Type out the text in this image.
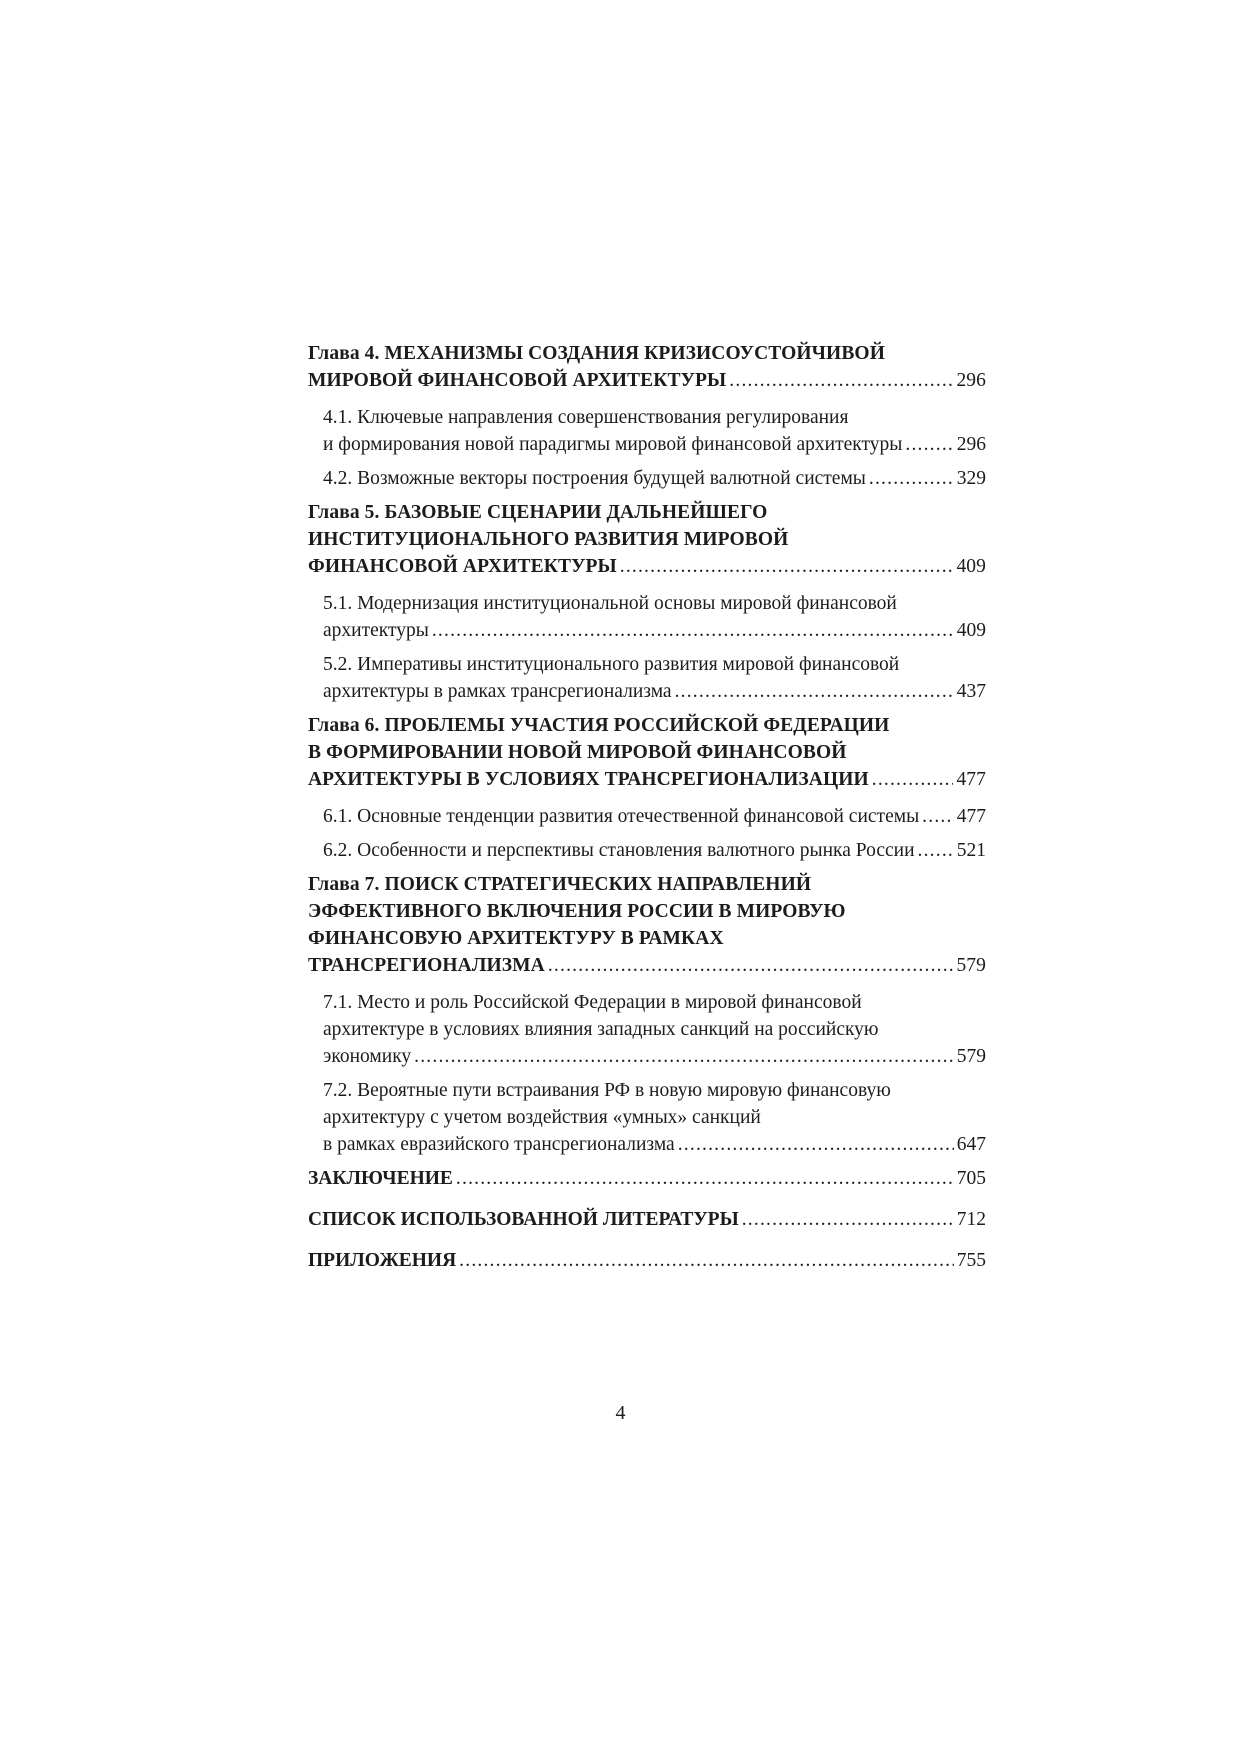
Глава 4. МЕХАНИЗМЫ СОЗДАНИЯ КРИЗИСОУСТОЙЧИВОЙ
МИРОВОЙ ФИНАНСОВОЙ АРХИТЕКТУРЫ .....	296
4.1. Ключевые направления совершенствования регулирования
и формирования новой парадигмы мировой финансовой архитектуры .....	296
4.2. Возможные векторы построения будущей валютной системы .....	329
Глава 5. БАЗОВЫЕ СЦЕНАРИИ ДАЛЬНЕЙШЕГО
ИНСТИТУЦИОНАЛЬНОГО РАЗВИТИЯ МИРОВОЙ
ФИНАНСОВОЙ АРХИТЕКТУРЫ .....	409
5.1. Модернизация институциональной основы мировой финансовой
архитектуры .....	409
5.2. Императивы институционального развития мировой финансовой
архитектуры в рамках трансрегионализма .....	437
Глава 6. ПРОБЛЕМЫ УЧАСТИЯ РОССИЙСКОЙ ФЕДЕРАЦИИ
В ФОРМИРОВАНИИ НОВОЙ МИРОВОЙ ФИНАНСОВОЙ
АРХИТЕКТУРЫ В УСЛОВИЯХ ТРАНСРЕГИОНАЛИЗАЦИИ .....	477
6.1. Основные тенденции развития отечественной финансовой системы ..... 477
6.2. Особенности и перспективы становления валютного рынка России ..... 521
Глава 7. ПОИСК СТРАТЕГИЧЕСКИХ НАПРАВЛЕНИЙ
ЭФФЕКТИВНОГО ВКЛЮЧЕНИЯ РОССИИ В МИРОВУЮ
ФИНАНСОВУЮ АРХИТЕКТУРУ В РАМКАХ
ТРАНСРЕГИОНАЛИЗМА .....	579
7.1. Место и роль Российской Федерации в мировой финансовой
архитектуре в условиях влияния западных санкций на российскую
экономику .....	579
7.2. Вероятные пути встраивания РФ в новую мировую финансовую
архитектуру с учетом воздействия «умных» санкций
в рамках евразийского трансрегионализма .....	647
ЗАКЛЮЧЕНИЕ .....	705
СПИСОК ИСПОЛЬЗОВАННОЙ ЛИТЕРАТУРЫ .....	712
ПРИЛОЖЕНИЯ .....	755
4
